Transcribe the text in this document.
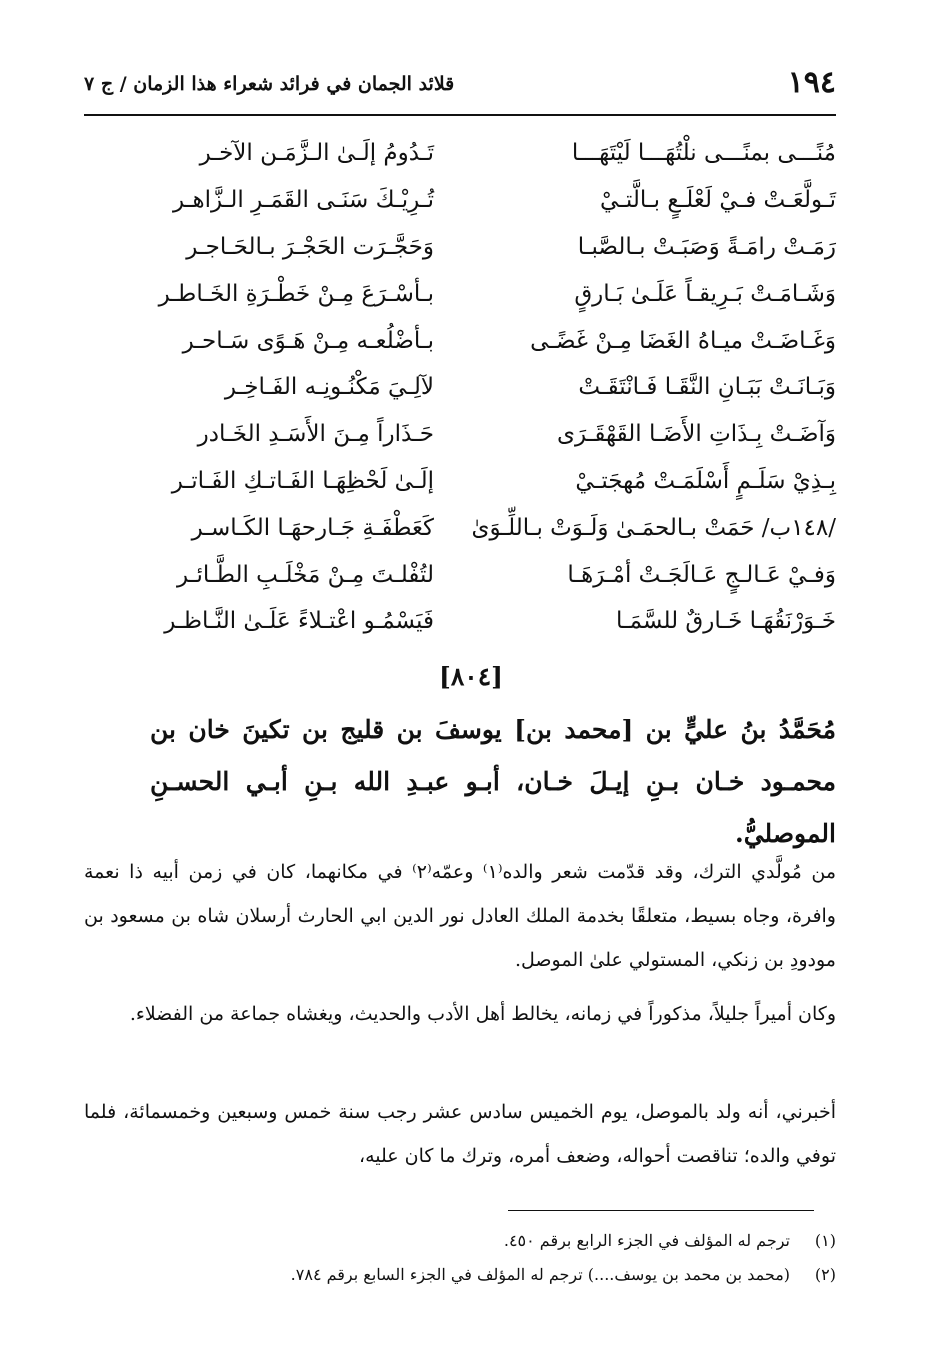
١٩٤
قلائد الجمان في فرائد شعراء هذا الزمان / ج ٧
مُنًـــى بمنًـــى نلْتُهَـــا لَيْتَهَـــا
تَـدُومُ إلَـىٰ الـزَّمَـن الآخـر
تَـولَّعَـتْ فـيْ لَعْلَـعٍ بـالَّتـيْ
تُـرِيْـكَ سَنَـى القَمَـرِ الـزَّاهـر
رَمَـتْ رامَـةً وَصَبَـتْ بـالصَّبـا
وَحَجَّـرَت الحَجْـرَ بـالحَـاجـر
وَشَـامَـتْ بَـرِيقـاً عَلَـىٰ بَـارقٍ
بـأسْـرَعَ مِـنْ خَطْـرَةِ الخَـاطـر
وَغَـاضَـتْ ميـاهُ الغَضَا مِـنْ غَضًـى
بـأضْلُعـه مِـنْ هَـوًى سَـاحـر
وَبَـانَـتْ بَبَـانِ النَّقَـا فَـانْتَقَـتْ
لآلِـيَ مَكْنُـونِـه الفَـاخِـر
وَآضَـتْ بِـذَاتِ الأَضَـا القَهْقَـرَى
حَـذَاراً مِـنَ الأَسَـدِ الخَـادر
بِـذِيْ سَلَـمٍ أَسْلَمَـتْ مُهجَتـيْ
إلَـىٰ لَحْظِهَـا الفَـاتـكِ الفَـاتـر
/١٤٨ب/ حَمَتْ بـالحمَـىٰ وَلَـوَتْ بـاللِّـوَىٰ
كَعَطْفَـةِ جَـارحهَـا الكَـاسـر
وَفـيْ عَـالـجٍ عَـالَجَـتْ أمْـرَهَـا
لتُفْلـتَ مِـنْ مَخْلَـبِ الطَّـائـر
خَـوَرْنَقُهَـا خَـارقٌ للسَّمَـا
فَيَسْمُـو اعْتـلاءً عَلَـىٰ النَّـاظـر
[٨٠٤]
مُحَمَّدُ بنُ عليٍّ بن [محمد بن] يوسفَ بن قليج بن تكينَ خان بن محمـود خـان بـنِ إيـلَ خـان، أبـو عبـدِ الله بـنِ أبـي الحسـنِ الموصليُّ.
من مُولَّدي الترك، وقد قدّمت شعر والده⁽١⁾ وعمّه⁽٢⁾ في مكانهما، كان في زمن أبيه ذا نعمة وافرة، وجاه بسيط، متعلقًا بخدمة الملك العادل نور الدين ابي الحارث أرسلان شاه بن مسعود بن مودودِ بن زنكي، المستولي علىٰ الموصل.
وكان أميراً جليلاً، مذكوراً في زمانه، يخالط أهل الأدب والحديث، ويغشاه جماعة من الفضلاء.
أخبرني، أنه ولد بالموصل، يوم الخميس سادس عشر رجب سنة خمس وسبعين وخمسمائة، فلما توفي والده؛ تناقصت أحواله، وضعف أمره، وترك ما كان عليه،
(١)
ترجم له المؤلف في الجزء الرابع برقم ٤٥٠.
(٢)
(محمد بن محمد بن يوسف....) ترجم له المؤلف في الجزء السابع برقم ٧٨٤.
